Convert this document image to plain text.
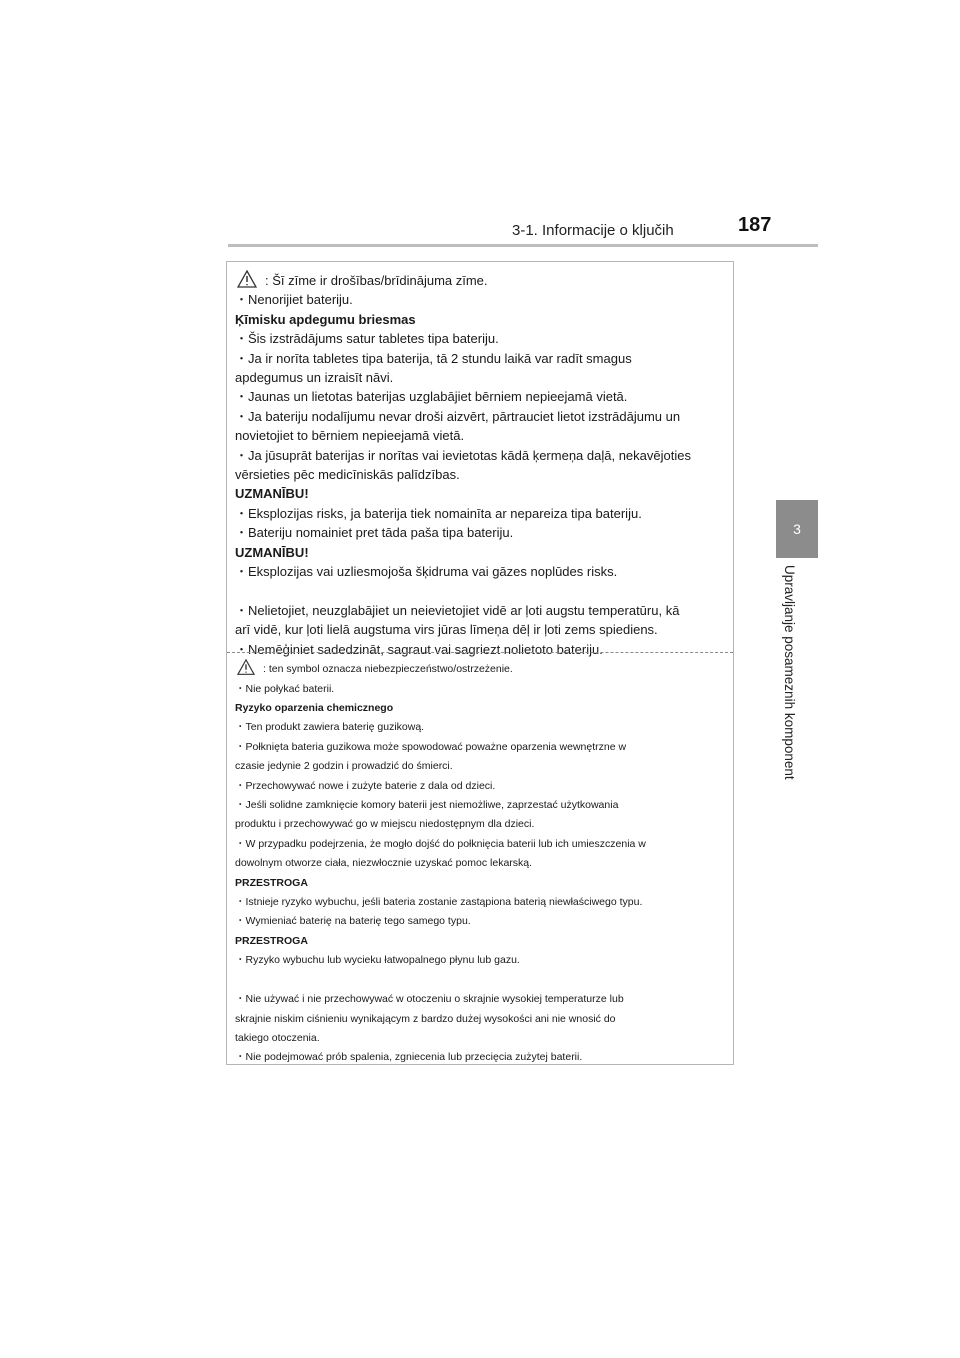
3-1. Informacije o ključih	187
3
Upravljanje posameznih komponent
: Šī zīme ir drošības/brīdinājuma zīme.
・Nenorijiet bateriju.
Ķīmisku apdegumu briesmas
・Šis izstrādājums satur tabletes tipa bateriju.
・Ja ir norīta tabletes tipa baterija, tā 2 stundu laikā var radīt smagus
apdegumus un izraisīt nāvi.
・Jaunas un lietotas baterijas uzglabājiet bērniem nepieejamā vietā.
・Ja bateriju nodalījumu nevar droši aizvērt, pārtrauciet lietot izstrādājumu un
novietojiet to bērniem nepieejamā vietā.
・Ja jūsuprāt baterijas ir norītas vai ievietotas kādā ķermeņa daļā, nekavējoties
vērsieties pēc medicīniskās palīdzības.
UZMANĪBU!
・Eksplozijas risks, ja baterija tiek nomainīta ar nepareiza tipa bateriju.
・Bateriju nomainiet pret tāda paša tipa bateriju.
UZMANĪBU!
・Eksplozijas vai uzliesmojoša šķidruma vai gāzes noplūdes risks.

・Nelietojiet, neuzglabājiet un neievietojiet vidē ar ļoti augstu temperatūru, kā
arī vidē, kur ļoti lielā augstuma virs jūras līmeņa dēļ ir ļoti zems spiediens.
・Nemēģiniet sadedzināt, sagraut vai sagriezt nolietoto bateriju.
: ten symbol oznacza niebezpieczeństwo/ostrzeżenie.
・Nie połykać baterii.
Ryzyko oparzenia chemicznego
・Ten produkt zawiera baterię guzikową.
・Połknięta bateria guzikowa może spowodować poważne oparzenia wewnętrzne w
czasie jedynie 2 godzin i prowadzić do śmierci.
・Przechowywać nowe i zużyte baterie z dala od dzieci.
・Jeśli solidne zamknięcie komory baterii jest niemożliwe, zaprzestać użytkowania
produktu i przechowywać go w miejscu niedostępnym dla dzieci.
・W przypadku podejrzenia, że mogło dojść do połknięcia baterii lub ich umieszczenia w
dowolnym otworze ciała, niezwłocznie uzyskać pomoc lekarską.
PRZESTROGA
・Istnieje ryzyko wybuchu, jeśli bateria zostanie zastąpiona baterią niewłaściwego typu.
・Wymieniać baterię na baterię tego samego typu.
PRZESTROGA
・Ryzyko wybuchu lub wycieku łatwopalnego płynu lub gazu.

・Nie używać i nie przechowywać w otoczeniu o skrajnie wysokiej temperaturze lub
skrajnie niskim ciśnieniu wynikającym z bardzo dużej wysokości ani nie wnosić do
takiego otoczenia.
・Nie podejmować prób spalenia, zgniecenia lub przecięcia zużytej baterii.
